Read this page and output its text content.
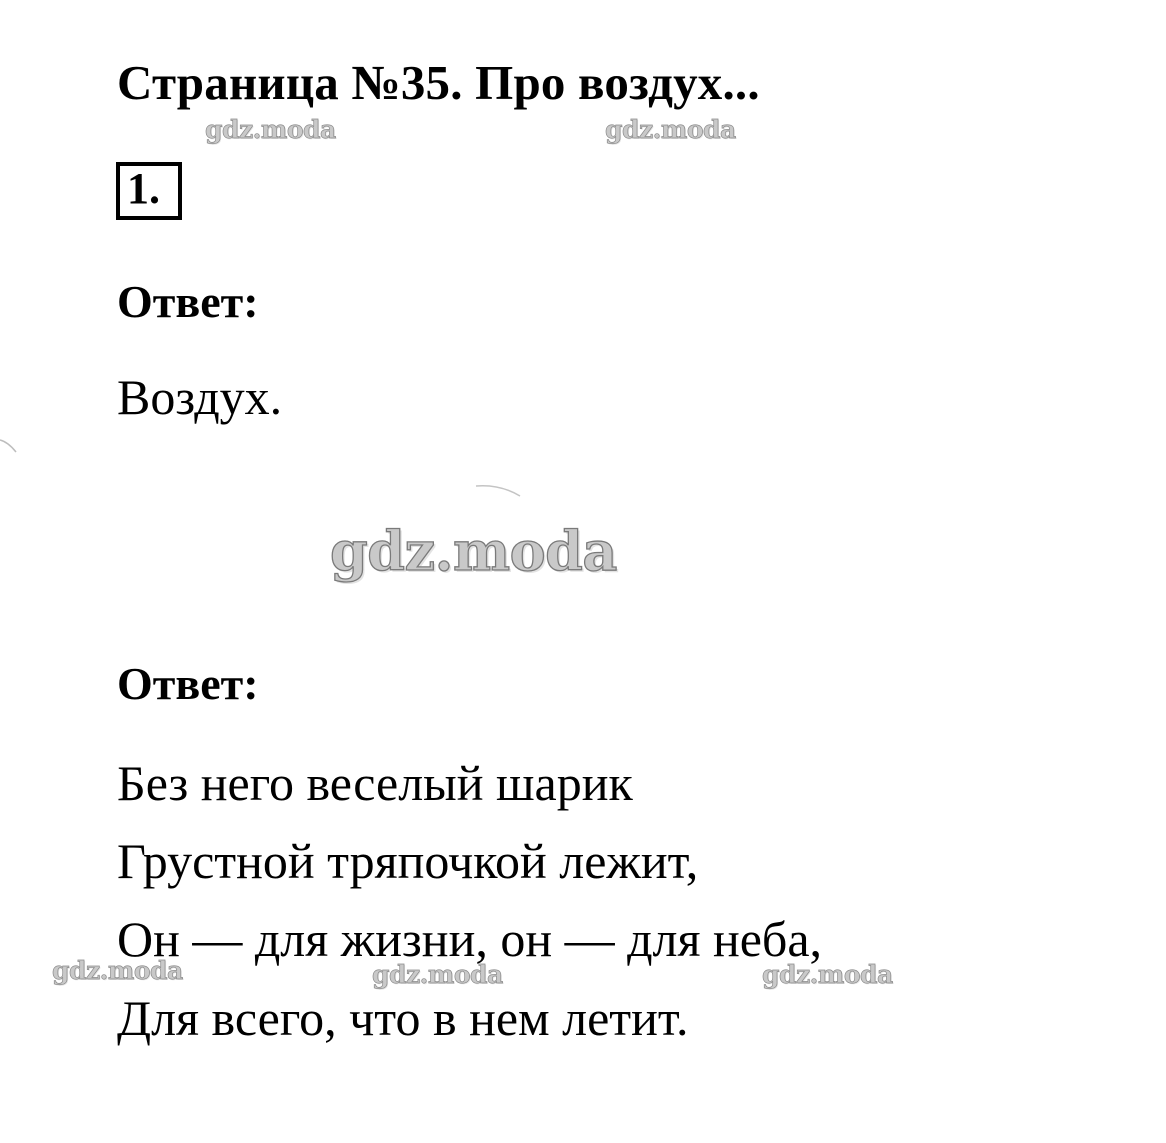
Страница №35. Про воздух...
1.
Ответ:
Воздух.
Ответ:
Без него веселый шарик
Грустной тряпочкой лежит,
Он — для жизни, он — для неба,
Для всего, что в нем летит.
gdz.moda	gdz.moda
gdz.moda
gdz.moda	gdz.moda	gdz.moda
